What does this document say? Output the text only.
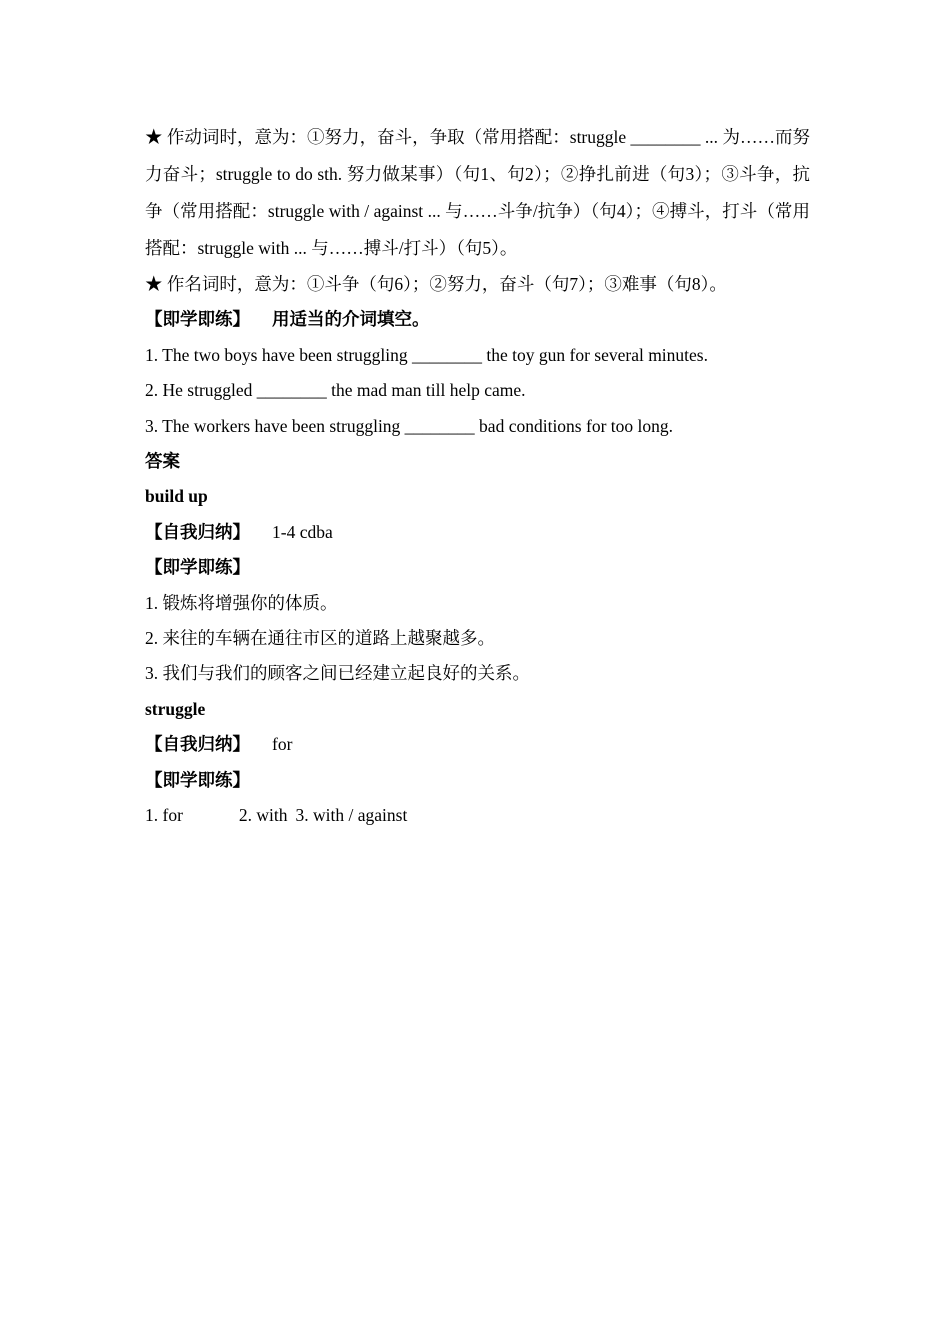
★ 作动词时，意为：①努力，奋斗，争取（常用搭配：struggle ________ ... 为……而努力奋斗；struggle to do sth. 努力做某事）（句1、句2）；②挣扎前进（句3）；③斗争，抗争（常用搭配：struggle with / against ... 与……斗争/抗争）（句4）；④搏斗，打斗（常用搭配：struggle with ... 与……搏斗/打斗）（句5）。
★ 作名词时，意为：①斗争（句6）；②努力，奋斗（句7）；③难事（句8）。
【即学即练】 用适当的介词填空。
1. The two boys have been struggling ________ the toy gun for several minutes.
2. He struggled ________ the mad man till help came.
3. The workers have been struggling ________ bad conditions for too long.
答案
build up
【自我归纳】 1-4 cdba
【即学即练】
1. 锻炼将增强你的体质。
2. 来往的车辆在通往市区的道路上越聚越多。
3. 我们与我们的顾客之间已经建立起良好的关系。
struggle
【自我归纳】 for
【即学即练】
1. for	2. with 3. with / against
